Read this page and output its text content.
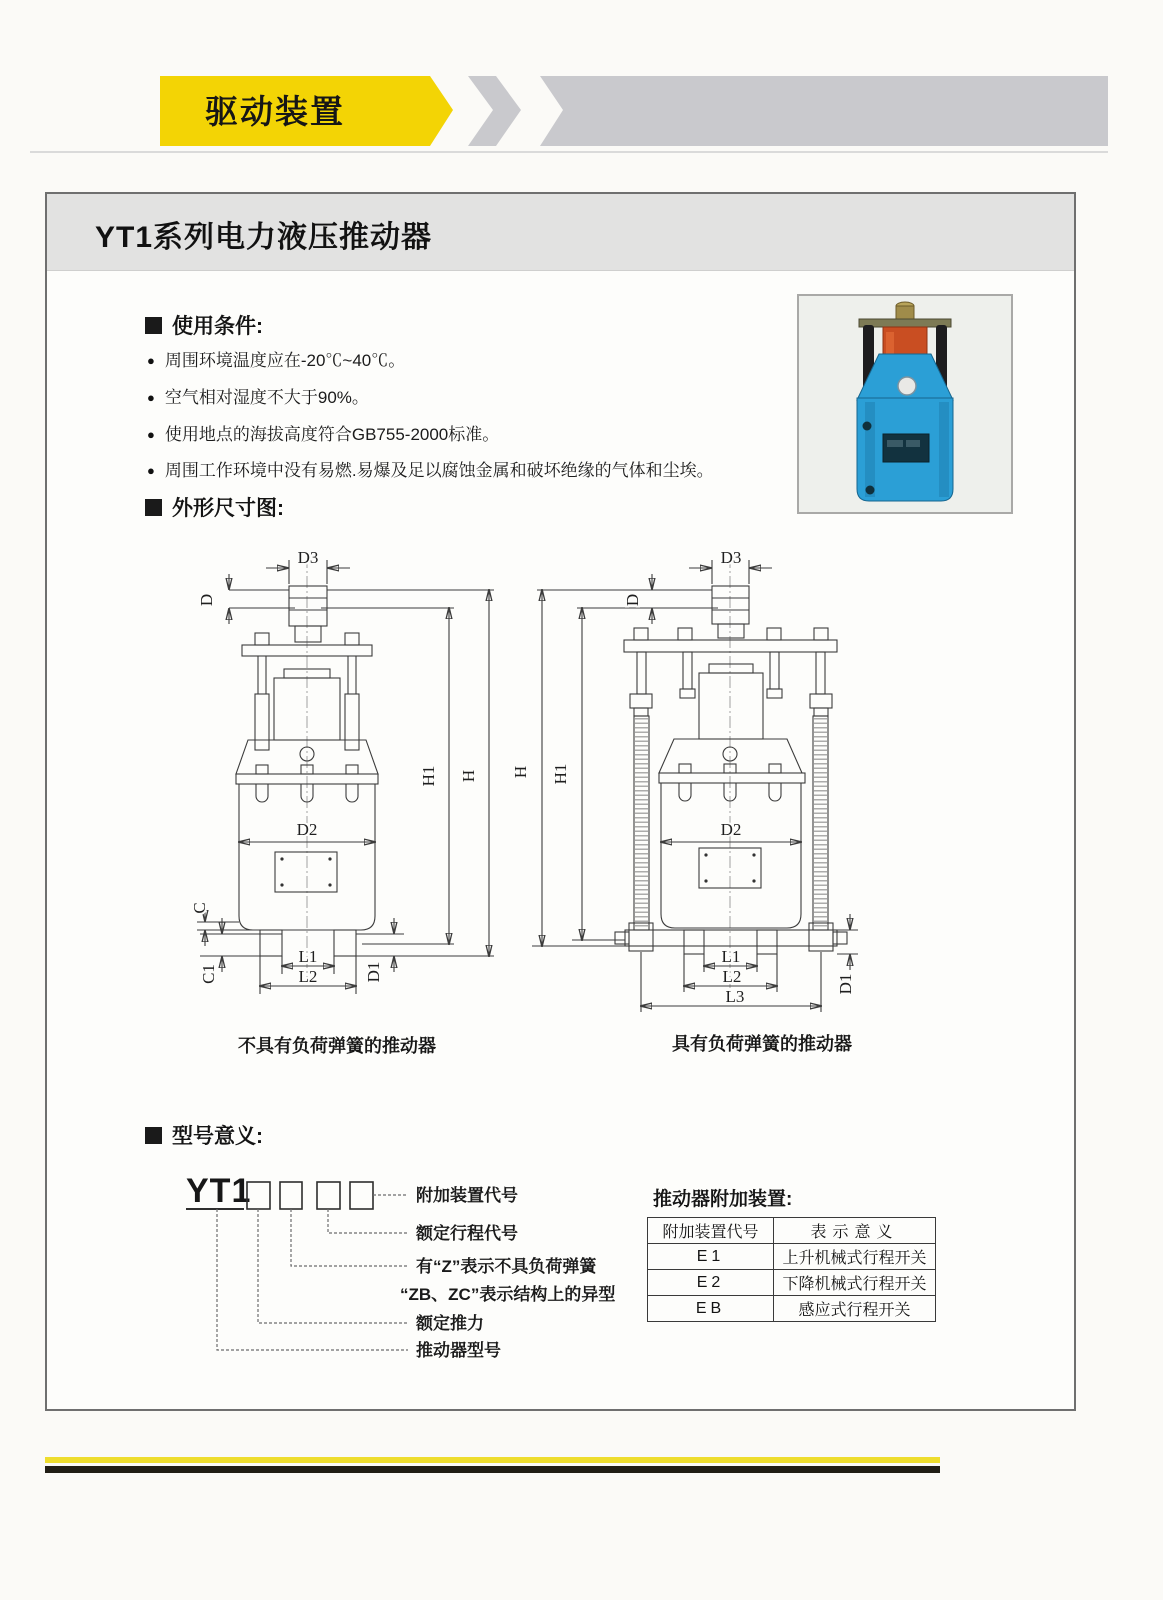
驱动装置
YT1系列电力液压推动器
使用条件:
● 周围环境温度应在-20℃~40℃。
● 空气相对湿度不大于90%。
● 使用地点的海拔高度符合GB755-2000标准。
● 周围工作环境中没有易燃.易爆及足以腐蚀金属和破坏绝缘的气体和尘埃。
外形尺寸图:
D3
D
D2
C
C1
L1
L2	D1
H1 H
D3
D
D2
L1
L2
L3
D1
H H1
不具有负荷弹簧的推动器	具有负荷弹簧的推动器
型号意义:
YT1	附加装置代号
额定行程代号
有“Z”表示不具负荷弹簧
“ZB、ZC”表示结构上的异型
额定推力
推动器型号
推动器附加装置:
附加装置代号	表示意义
E1	上升机械式行程开关
E2	下降机械式行程开关
EB	感应式行程开关
